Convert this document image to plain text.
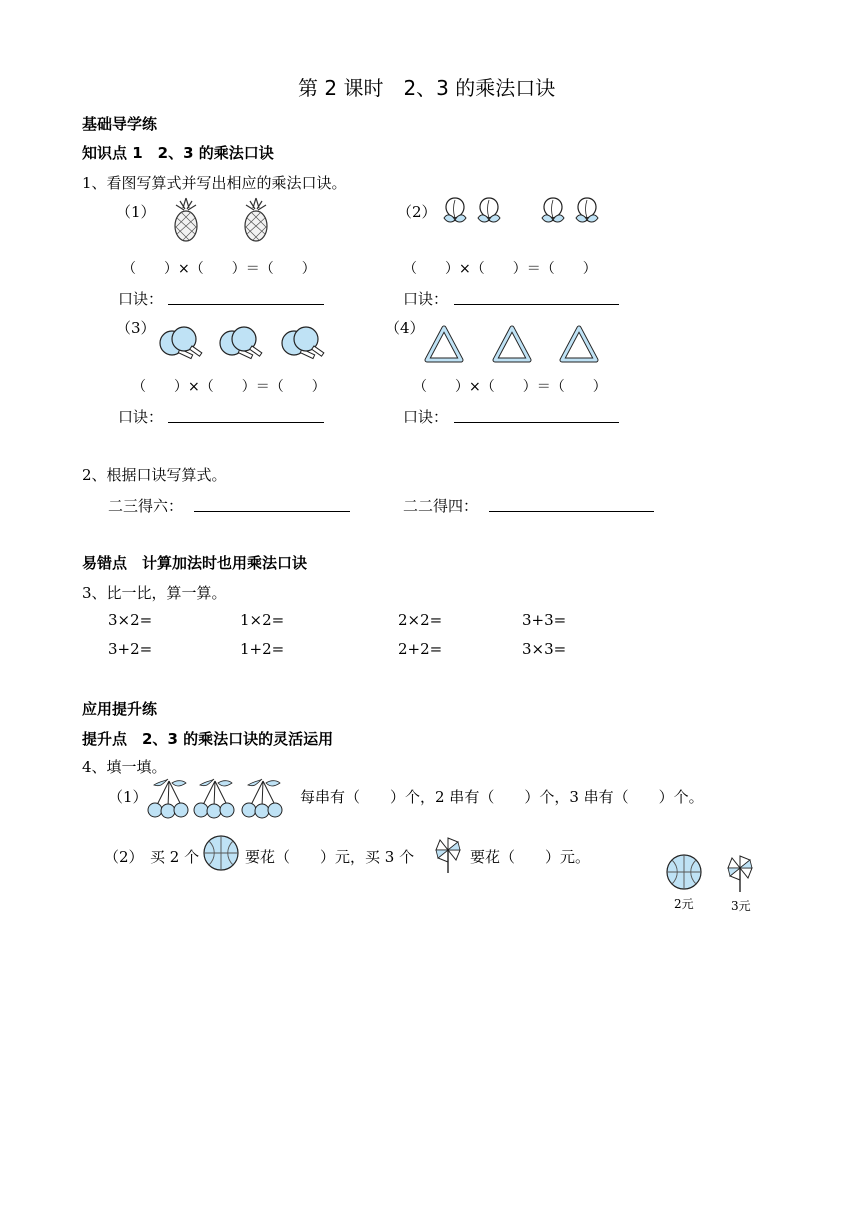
第 2 课时　2、3 的乘法口诀
基础导学练
知识点 1　2、3 的乘法口诀
1、看图写算式并写出相应的乘法口诀。
（1）	（2）
（　　）×（　　）＝（　　）	（　　）×（　　）＝（　　）
口诀：	口诀：
（3）	（4）
（　　）×（　　）＝（　　）	（　　）×（　　）＝（　　）
口诀：	口诀：
2、根据口诀写算式。
二三得六：	二二得四：
易错点　计算加法时也用乘法口诀
3、比一比，算一算。
3×2=	1×2=	2×2=	3+3=
3+2=	1+2=	2+2=	3×3=
应用提升练
提升点　2、3 的乘法口诀的灵活运用
4、填一填。
（1）	每串有（　　）个，2 串有（　　）个，3 串有（　　）个。
（2） 买 2 个	要花（　　）元，买 3 个	要花（　　）元。
2元	3元
